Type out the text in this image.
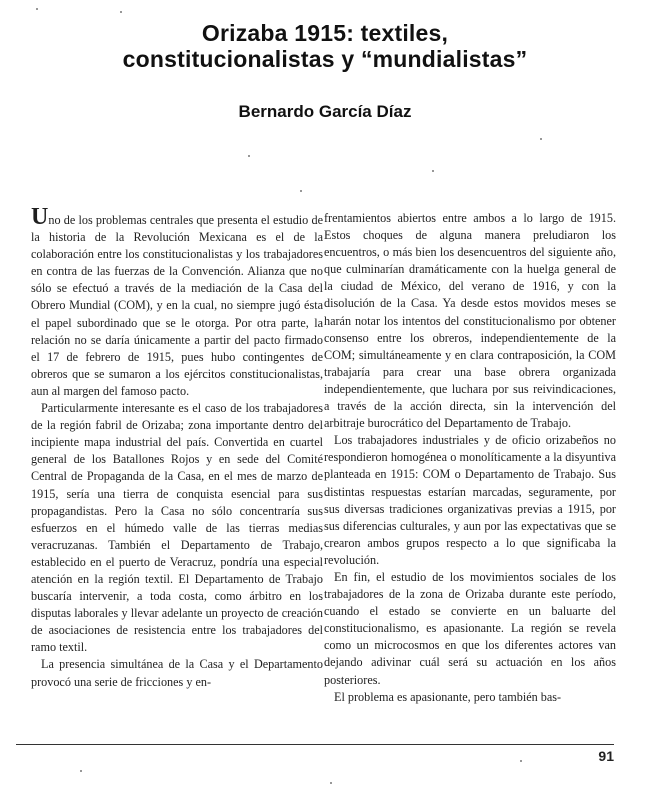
Orizaba 1915: textiles,
constitucionalistas y “mundialistas”
Bernardo García Díaz

Uno de los problemas centrales que presenta el estudio de la historia de la Revolución Mexicana es el de la colaboración entre los constitucionalistas y los trabajadores en contra de las fuerzas de la Convención. Alianza que no sólo se efectuó a través de la mediación de la Casa del Obrero Mundial (COM), y en la cual, no siempre jugó ésta el papel subordinado que se le otorga. Por otra parte, la relación no se daría únicamente a partir del pacto firmado el 17 de febrero de 1915, pues hubo contingentes de obreros que se sumaron a los ejércitos constitucionalistas, aun al margen del famoso pacto.

Particularmente interesante es el caso de los trabajadores de la región fabril de Orizaba; zona importante dentro del incipiente mapa industrial del país. Convertida en cuartel general de los Batallones Rojos y en sede del Comité Central de Propaganda de la Casa, en el mes de marzo de 1915, sería una tierra de conquista esencial para sus propagandistas. Pero la Casa no sólo concentraría sus esfuerzos en el húmedo valle de las tierras medias veracruzanas. También el Departamento de Trabajo, establecido en el puerto de Veracruz, pondría una especial atención en la región textil. El Departamento de Trabajo buscaría intervenir, a toda costa, como árbitro en los disputas laborales y llevar adelante un proyecto de creación de asociaciones de resistencia entre los trabajadores del ramo textil.

La presencia simultánea de la Casa y el Departamento provocó una serie de fricciones y en-

frentamientos abiertos entre ambos a lo largo de 1915. Estos choques de alguna manera preludiaron los encuentros, o más bien los desencuentros del siguiente año, que culminarían dramáticamente con la huelga general de la ciudad de México, del verano de 1916, y con la disolución de la Casa. Ya desde estos movidos meses se harán notar los intentos del constitucionalismo por obtener consenso entre los obreros, independientemente de la COM; simultáneamente y en clara contraposición, la COM trabajaría para crear una base obrera organizada independientemente, que luchara por sus reivindicaciones, a través de la acción directa, sin la intervención del arbitraje burocrático del Departamento de Trabajo.

Los trabajadores industriales y de oficio orizabeños no respondieron homogénea o monolíticamente a la disyuntiva planteada en 1915: COM o Departamento de Trabajo. Sus distintas respuestas estarían marcadas, seguramente, por sus diversas tradiciones organizativas previas a 1915, por sus diferencias culturales, y aun por las expectativas que se crearon ambos grupos respecto a lo que significaba la revolución.

En fin, el estudio de los movimientos sociales de los trabajadores de la zona de Orizaba durante este período, cuando el estado se convierte en un baluarte del constitucionalismo, es apasionante. La región se revela como un microcosmos en que los diferentes actores van dejando adivinar cuál será su actuación en los años posteriores.

El problema es apasionante, pero también bas-

91
